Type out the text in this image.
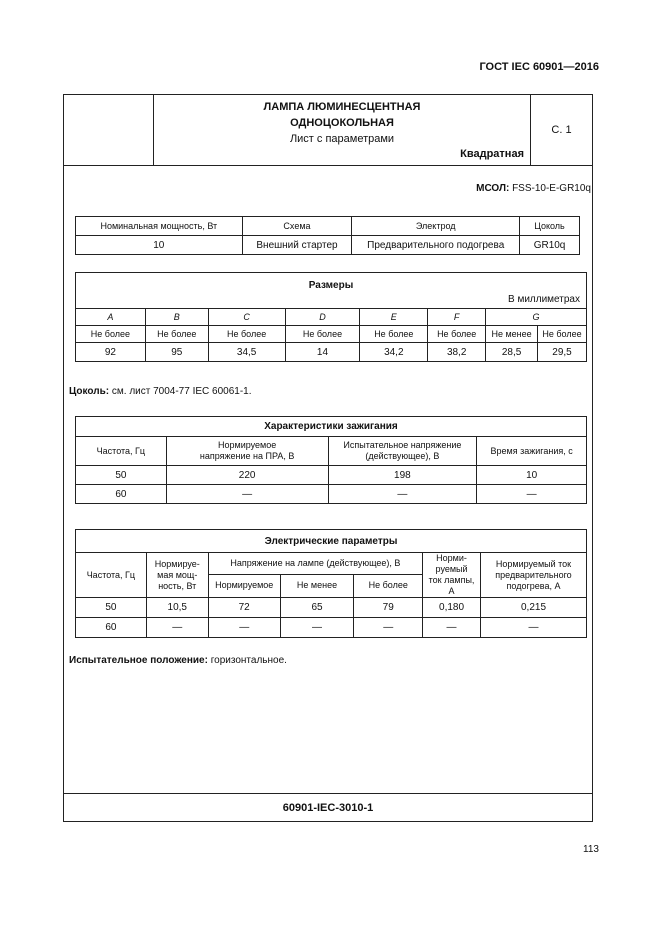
ГОСТ IEC 60901—2016
ЛАМПА ЛЮМИНЕСЦЕНТНАЯ
ОДНОЦОКОЛЬНАЯ
Лист с параметрами
Квадратная
С. 1
МСОЛ: FSS-10-E-GR10q
Номинальная мощность, Вт	Схема	Электрод	Цоколь
10	Внешний стартер	Предварительного подогрева	GR10q
Размеры
В миллиметрах							

A	B	C	D	E	F	G	
Не более	Не более	Не более	Не более	Не более	Не более	Не менее	Не более
92	95	34,5	14	34,2	38,2	28,5	29,5
Цоколь: см. лист 7004-77 IEC 60061-1.
Характеристики зажигания			
Частота, Гц	Нормируемое напряжение на ПРА, В	Испытательное напряжение (действующее), В	Время зажигания, с
50	220	198	10
60	—	—	—
Электрические параметры						
Частота, Гц	Нормируе-мая мощ-ность, Вт	Напряжение на лампе (действующее), В			Норми-руемый ток лампы, А	Нормируемый ток предварительного подогрева, А
		Нормируемое	Не менее	Не более		
50	10,5	72	65	79	0,180	0,215
60	—	—	—	—	—	—
Испытательное положение: горизонтальное.
60901-IEC-3010-1
113
